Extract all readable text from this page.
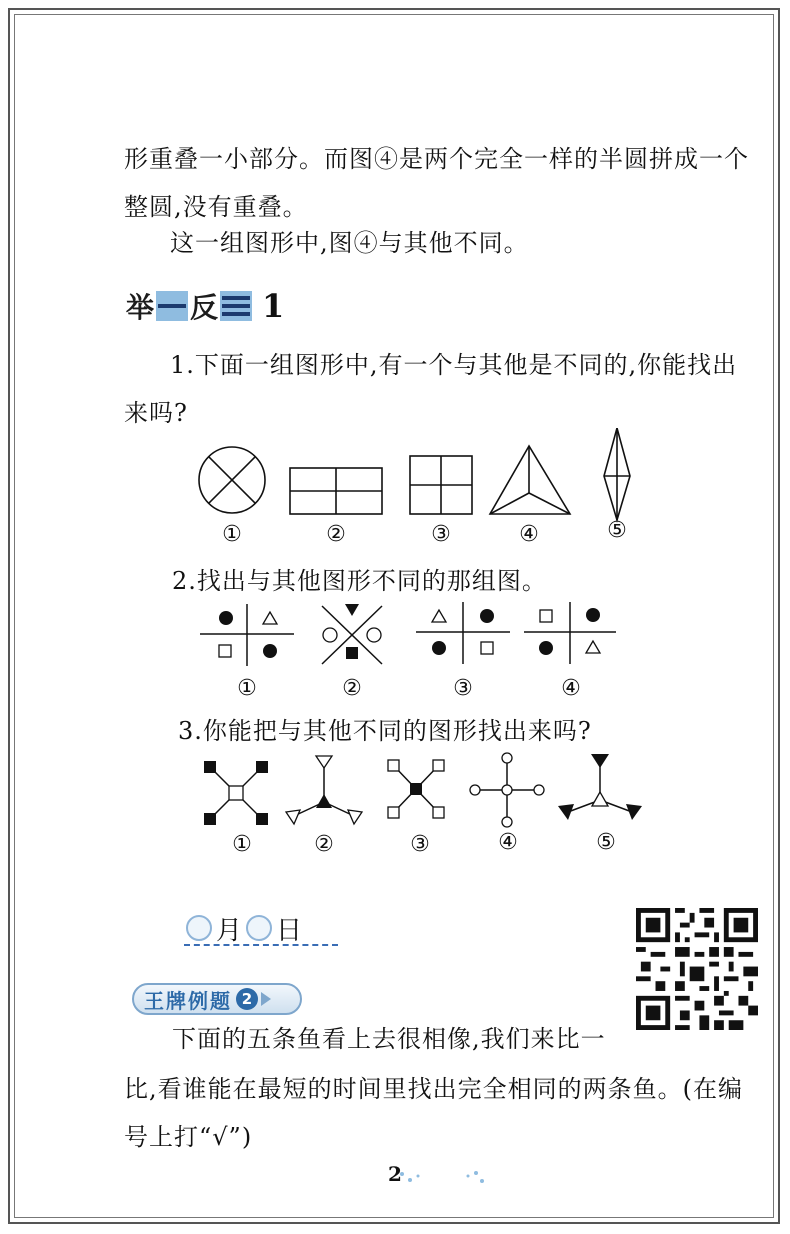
形重叠一小部分。而图④是两个完全一样的半圆拼成一个
整圆,没有重叠。
这一组图形中,图④与其他不同。
举 反 1
1.下面一组图形中,有一个与其他是不同的,你能找出
来吗?
①	②	③	④	⑤
2.找出与其他图形不同的那组图。
①	②	③	④
3.你能把与其他不同的图形找出来吗?
①	②	③	④	⑤
月 日
王牌例题 2
下面的五条鱼看上去很相像,我们来比一
比,看谁能在最短的时间里找出完全相同的两条鱼。(在编
号上打“√”)
2
